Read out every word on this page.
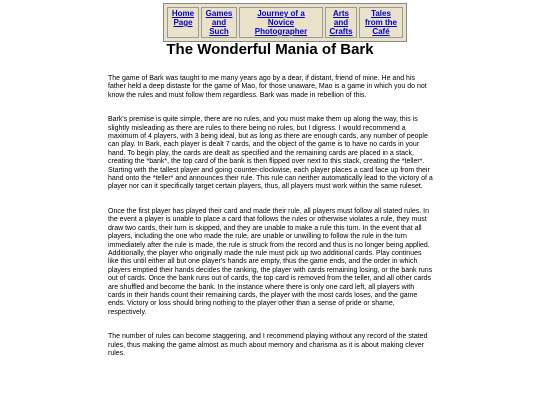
Home Page	Games and Such	Journey of a Novice Photographer	Arts and Crafts	Tales from the Café
The Wonderful Mania of Bark

The game of Bark was taught to me many years ago by a dear, if distant, friend of mine. He and his father held a deep distaste for the game of Mao, for those unaware, Mao is a game in which you do not know the rules and must follow them regardless. Bark was made in rebellion of this.

Bark's premise is quite simple, there are no rules, and you must make them up along the way, this is slightly misleading as there are rules to there being no rules, but I digress. I would recommend a maximum of 4 players, with 3 being ideal, but as long as there are enough cards, any number of people can play. In Bark, each player is dealt 7 cards, and the object of the game is to have no cards in your hand. To begin play, the cards are dealt as specified and the remaining cards are placed in a stack, creating the *bank*, the top card of the bank is then flipped over next to this stack, creating the *teller*. Starting with the tallest player and going counter-clockwise, each player places a card face up from their hand onto the *teller* and announces their rule. This rule can neither automatically lead to the victory of a player nor can it specifically target certain players, thus, all players must work within the same ruleset.

Once the first player has played their card and made their rule, all players must follow all stated rules. In the event a player is unable to place a card that follows the rules or otherwise violates a rule, they must draw two cards, their turn is skipped, and they are unable to make a rule this turn. In the event that all players, including the one who made the rule, are unable or unwilling to follow the rule in the turn immediately after the rule is made, the rule is struck from the record and thus is no longer being applied. Additionally, the player who originally made the rule must pick up two additional cards. Play continues like this until either all but one player's hands are empty, thus the game ends, and the order in which players emptied their hands decides the ranking, the player with cards remaining losing, or the bank runs out of cards. Once the bank runs out of cards, the top card is removed from the teller, and all other cards are shuffled and become the bank. In the instance where there is only one card left, all players with cards in their hands count their remaining cards, the player with the most cards loses, and the game ends. Victory or loss should bring nothing to the player other than a sense of pride or shame, respectively.

The number of rules can become staggering, and I recommend playing without any record of the stated rules, thus making the game almost as much about memory and charisma as it is about making clever rules.
